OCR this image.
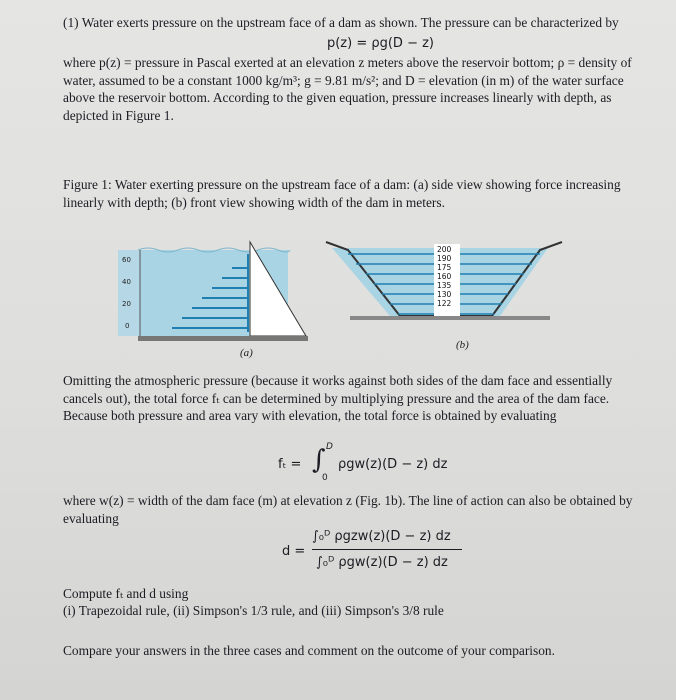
(1) Water exerts pressure on the upstream face of a dam as shown. The pressure can be characterized by
p(z) = ρg(D − z)
where p(z) = pressure in Pascal exerted at an elevation z meters above the reservoir bottom; ρ = density of water, assumed to be a constant 1000 kg/m³; g = 9.81 m/s²; and D = elevation (in m) of the water surface above the reservoir bottom. According to the given equation, pressure increases linearly with depth, as depicted in Figure 1.
Figure 1: Water exerting pressure on the upstream face of a dam: (a) side view showing force increasing linearly with depth; (b) front view showing width of the dam in meters.
60
40
20
0
(a)
200
190
175
160
135
130
122
(b)
Omitting the atmospheric pressure (because it works against both sides of the dam face and essentially cancels out), the total force fₜ can be determined by multiplying pressure and the area of the dam face. Because both pressure and area vary with elevation, the total force is obtained by evaluating
fₜ = ∫ D
0
ρgw(z)(D − z) dz
where w(z) = width of the dam face (m) at elevation z (Fig. 1b). The line of action can also be obtained by evaluating
d =
∫₀ᴰ ρgzw(z)(D − z) dz
∫₀ᴰ ρgw(z)(D − z) dz
Compute fₜ and d using
(i) Trapezoidal rule, (ii) Simpson's 1/3 rule, and (iii) Simpson's 3/8 rule
Compare your answers in the three cases and comment on the outcome of your comparison.
